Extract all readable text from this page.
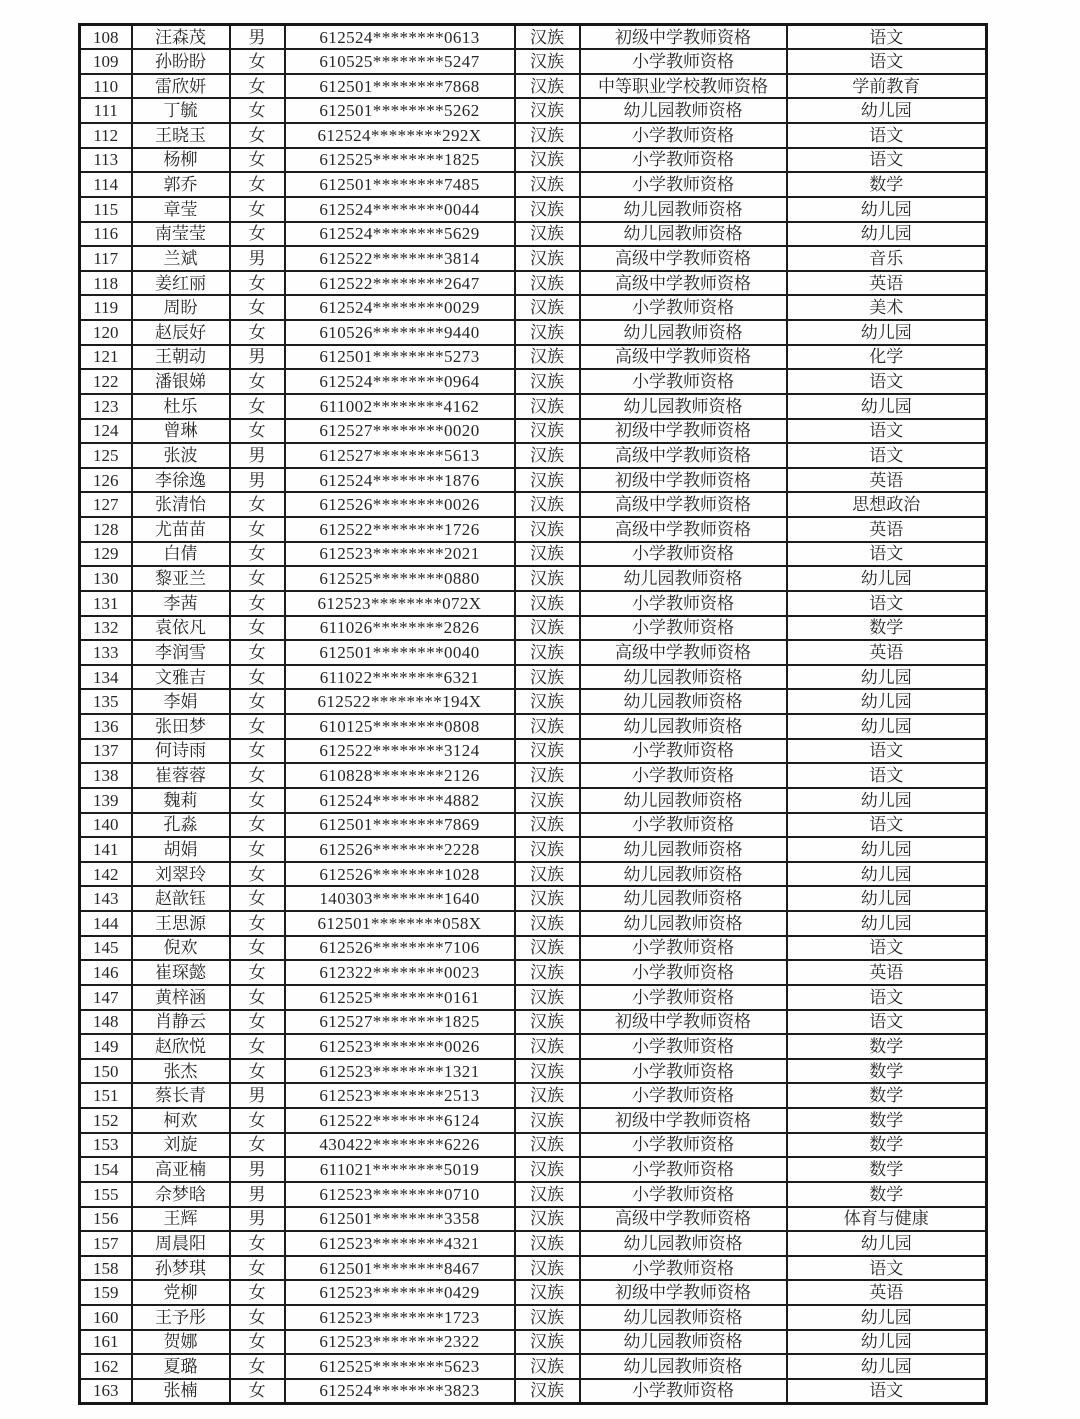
108	汪森茂	男	612524********0613	汉族	初级中学教师资格	语文
109	孙盼盼	女	610525********5247	汉族	小学教师资格	语文
110	雷欣妍	女	612501********7868	汉族	中等职业学校教师资格	学前教育
111	丁毓	女	612501********5262	汉族	幼儿园教师资格	幼儿园
112	王晓玉	女	612524********292X	汉族	小学教师资格	语文
113	杨柳	女	612525********1825	汉族	小学教师资格	语文
114	郭乔	女	612501********7485	汉族	小学教师资格	数学
115	章莹	女	612524********0044	汉族	幼儿园教师资格	幼儿园
116	南莹莹	女	612524********5629	汉族	幼儿园教师资格	幼儿园
117	兰斌	男	612522********3814	汉族	高级中学教师资格	音乐
118	姜红丽	女	612522********2647	汉族	高级中学教师资格	英语
119	周盼	女	612524********0029	汉族	小学教师资格	美术
120	赵辰好	女	610526********9440	汉族	幼儿园教师资格	幼儿园
121	王朝动	男	612501********5273	汉族	高级中学教师资格	化学
122	潘银娣	女	612524********0964	汉族	小学教师资格	语文
123	杜乐	女	611002********4162	汉族	幼儿园教师资格	幼儿园
124	曾琳	女	612527********0020	汉族	初级中学教师资格	语文
125	张波	男	612527********5613	汉族	高级中学教师资格	语文
126	李徐逸	男	612524********1876	汉族	初级中学教师资格	英语
127	张清怡	女	612526********0026	汉族	高级中学教师资格	思想政治
128	尤苗苗	女	612522********1726	汉族	高级中学教师资格	英语
129	白倩	女	612523********2021	汉族	小学教师资格	语文
130	黎亚兰	女	612525********0880	汉族	幼儿园教师资格	幼儿园
131	李茜	女	612523********072X	汉族	小学教师资格	语文
132	袁依凡	女	611026********2826	汉族	小学教师资格	数学
133	李润雪	女	612501********0040	汉族	高级中学教师资格	英语
134	文雅吉	女	611022********6321	汉族	幼儿园教师资格	幼儿园
135	李娟	女	612522********194X	汉族	幼儿园教师资格	幼儿园
136	张田梦	女	610125********0808	汉族	幼儿园教师资格	幼儿园
137	何诗雨	女	612522********3124	汉族	小学教师资格	语文
138	崔蓉蓉	女	610828********2126	汉族	小学教师资格	语文
139	魏莉	女	612524********4882	汉族	幼儿园教师资格	幼儿园
140	孔淼	女	612501********7869	汉族	小学教师资格	语文
141	胡娟	女	612526********2228	汉族	幼儿园教师资格	幼儿园
142	刘翠玲	女	612526********1028	汉族	幼儿园教师资格	幼儿园
143	赵歆钰	女	140303********1640	汉族	幼儿园教师资格	幼儿园
144	王思源	女	612501********058X	汉族	幼儿园教师资格	幼儿园
145	倪欢	女	612526********7106	汉族	小学教师资格	语文
146	崔琛懿	女	612322********0023	汉族	小学教师资格	英语
147	黄梓涵	女	612525********0161	汉族	小学教师资格	语文
148	肖静云	女	612527********1825	汉族	初级中学教师资格	语文
149	赵欣悦	女	612523********0026	汉族	小学教师资格	数学
150	张杰	女	612523********1321	汉族	小学教师资格	数学
151	蔡长青	男	612523********2513	汉族	小学教师资格	数学
152	柯欢	女	612522********6124	汉族	初级中学教师资格	数学
153	刘旋	女	430422********6226	汉族	小学教师资格	数学
154	高亚楠	男	611021********5019	汉族	小学教师资格	数学
155	佘梦晗	男	612523********0710	汉族	小学教师资格	数学
156	王辉	男	612501********3358	汉族	高级中学教师资格	体育与健康
157	周晨阳	女	612523********4321	汉族	幼儿园教师资格	幼儿园
158	孙梦琪	女	612501********8467	汉族	小学教师资格	语文
159	党柳	女	612523********0429	汉族	初级中学教师资格	英语
160	王予彤	女	612523********1723	汉族	幼儿园教师资格	幼儿园
161	贺娜	女	612523********2322	汉族	幼儿园教师资格	幼儿园
162	夏璐	女	612525********5623	汉族	幼儿园教师资格	幼儿园
163	张楠	女	612524********3823	汉族	小学教师资格	语文
